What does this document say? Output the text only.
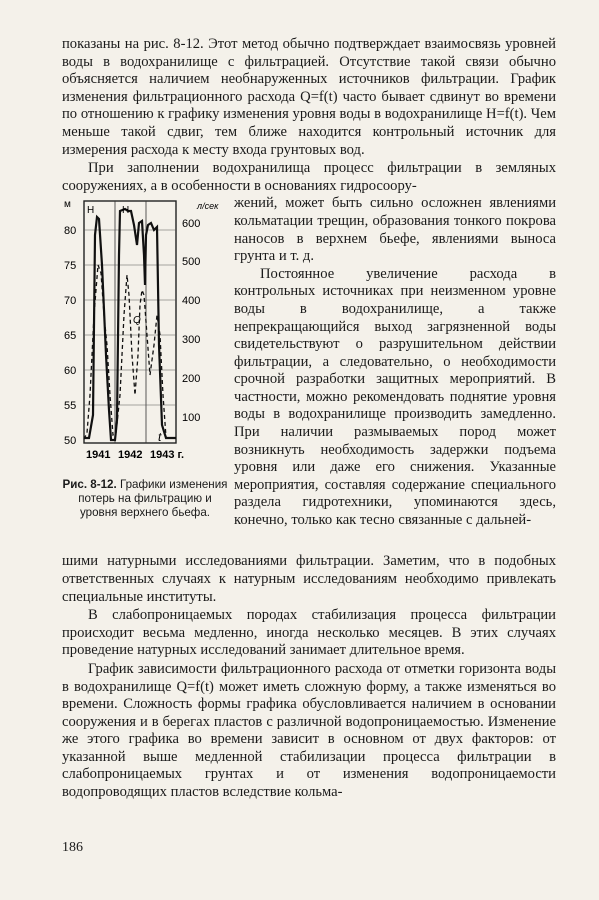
показаны на рис. 8-12. Этот метод обычно подтверждает взаимосвязь уровней воды в водохранилище с фильтрацией. Отсутствие такой связи обычно объясняется наличием необнаруженных источников фильтрации. График изменения фильтрационного расхода Q=f(t) часто бывает сдвинут во времени по отношению к графику изменения уровня воды в водохранилище H=f(t). Чем меньше такой сдвиг, тем ближе находится контрольный источник для измерения расхода к месту входа грунтовых вод.

При заполнении водохранилища процесс фильтрации в земляных сооружениях, а в особенности в основаниях гидросоору-

м	л/сек
80
75
70
65
60
55
50
600
500
400
300
200
100
H	H
Q
t
1941 1942 1943 г.
Рис. 8-12. Графики изменения потерь на фильтрацию и уровня верхнего бьефа.

жений, может быть сильно осложнен явлениями кольматации трещин, образования тонкого покрова наносов в верхнем бьефе, явлениями выноса грунта и т. д.

Постоянное увеличение расхода в контрольных источниках при неизменном уровне воды в водохранилище, а также непрекращающийся выход загрязненной воды свидетельствуют о разрушительном действии фильтрации, а следовательно, о необходимости срочной разработки защитных мероприятий. В частности, можно рекомендовать поднятие уровня воды в водохранилище производить замедленно. При наличии размываемых пород может возникнуть необходимость задержки подъема уровня или даже его снижения. Указанные мероприятия, составляя содержание специального раздела гидротехники, упоминаются здесь, конечно, только как тесно связанные с дальней-

шими натурными исследованиями фильтрации. Заметим, что в подобных ответственных случаях к натурным исследованиям необходимо привлекать специальные институты.

В слабопроницаемых породах стабилизация процесса фильтрации происходит весьма медленно, иногда несколько месяцев. В этих случаях проведение натурных исследований занимает длительное время.

График зависимости фильтрационного расхода от отметки горизонта воды в водохранилище Q=f(t) может иметь сложную форму, а также изменяться во времени. Сложность формы графика обусловливается наличием в основании сооружения и в берегах пластов с различной водопроницаемостью. Изменение же этого графика во времени зависит в основном от двух факторов: от указанной выше медленной стабилизации процесса фильтрации в слабопроницаемых грунтах и от изменения водопроницаемости водопроводящих пластов вследствие кольма-

186
